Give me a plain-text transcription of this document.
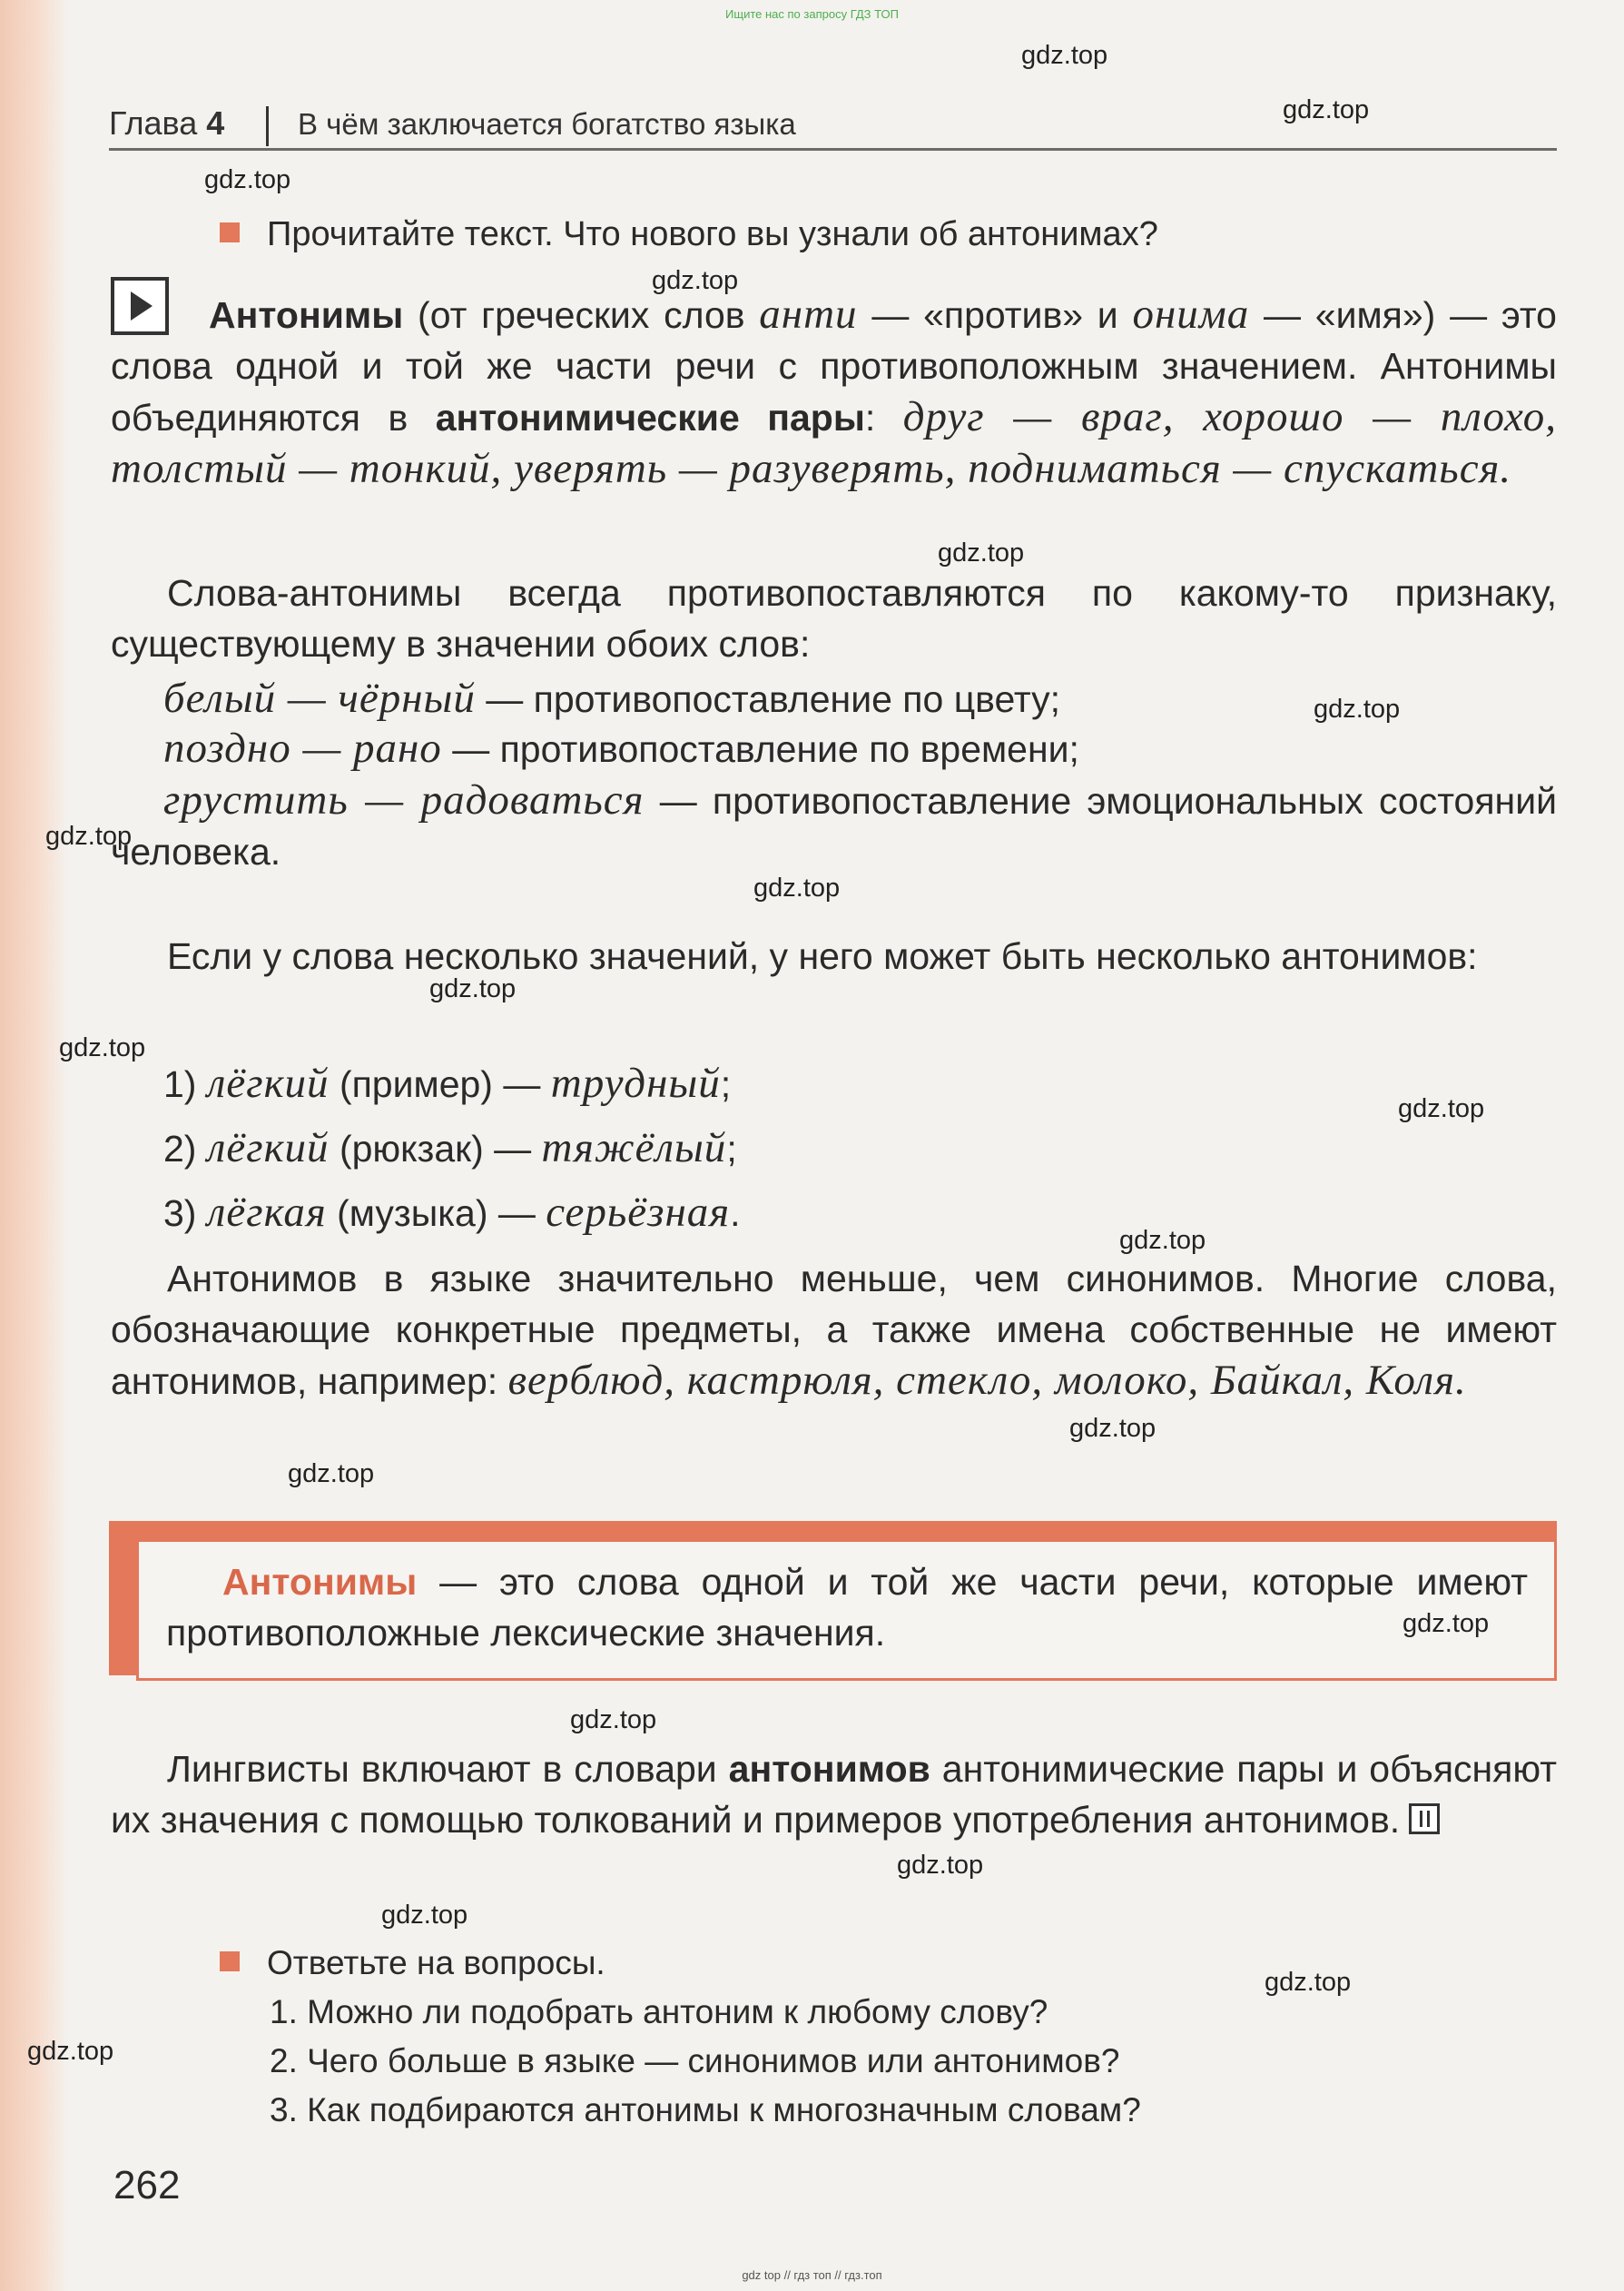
Ищите нас по запросу ГДЗ ТОП
Глава 4 В чём заключается богатство языка
Прочитайте текст. Что нового вы узнали об антонимах?
Антонимы (от греческих слов анти — «против» и онима — «имя») — это слова одной и той же части речи с противоположным значением. Антонимы объединяются в антонимические пары: друг — враг, хорошо — плохо, толстый — тонкий, уверять — разуверять, подниматься — спускаться.
Слова-антонимы всегда противопоставляются по какому-то признаку, существующему в значении обоих слов:
белый — чёрный — противопоставление по цвету;
поздно — рано — противопоставление по времени;
грустить — радоваться — противопоставление эмоциональных состояний человека.
Если у слова несколько значений, у него может быть несколько антонимов:
1) лёгкий (пример) — трудный;
2) лёгкий (рюкзак) — тяжёлый;
3) лёгкая (музыка) — серьёзная.
Антонимов в языке значительно меньше, чем синонимов. Многие слова, обозначающие конкретные предметы, а также имена собственные не имеют антонимов, например: верблюд, кастрюля, стекло, молоко, Байкал, Коля.
Антонимы — это слова одной и той же части речи, которые имеют противоположные лексические значения.
Лингвисты включают в словари антонимов антонимические пары и объясняют их значения с помощью толкований и примеров употребления антонимов.
Ответьте на вопросы.
1. Можно ли подобрать антоним к любому слову?
2. Чего больше в языке — синонимов или антонимов?
3. Как подбираются антонимы к многозначным словам?
262
gdz.top
gdz.top
gdz.top
gdz.top
gdz.top
gdz.top
gdz.top
gdz.top
gdz.top
gdz.top
gdz.top
gdz.top
gdz.top
gdz.top
gdz.top
gdz.top
gdz.top
gdz.top
gdz.top
gdz.top
gdz top // гдз топ // гдз.топ
